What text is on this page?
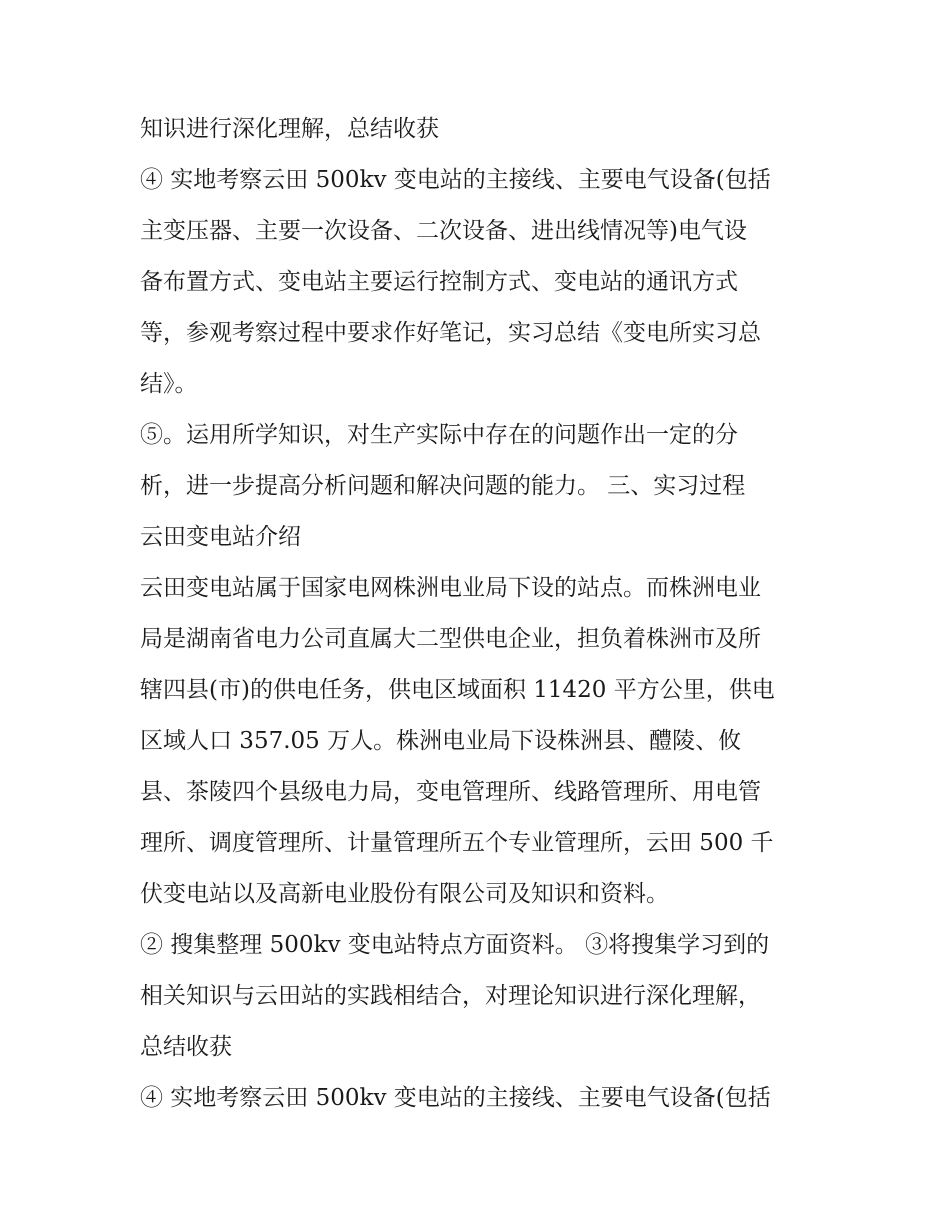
知识进行深化理解，总结收获
④ 实地考察云田 500kv 变电站的主接线、主要电气设备(包括
主变压器、主要一次设备、二次设备、进出线情况等)电气设
备布置方式、变电站主要运行控制方式、变电站的通讯方式
等，参观考察过程中要求作好笔记，实习总结《变电所实习总
结》。
⑤。运用所学知识，对生产实际中存在的问题作出一定的分
析，进一步提高分析问题和解决问题的能力。 三、实习过程
云田变电站介绍
云田变电站属于国家电网株洲电业局下设的站点。而株洲电业
局是湖南省电力公司直属大二型供电企业，担负着株洲市及所
辖四县(市)的供电任务，供电区域面积 11420 平方公里，供电
区域人口 357.05 万人。株洲电业局下设株洲县、醴陵、攸
县、茶陵四个县级电力局，变电管理所、线路管理所、用电管
理所、调度管理所、计量管理所五个专业管理所，云田 500 千
伏变电站以及高新电业股份有限公司及知识和资料。
② 搜集整理 500kv 变电站特点方面资料。 ③将搜集学习到的
相关知识与云田站的实践相结合，对理论知识进行深化理解，
总结收获
④ 实地考察云田 500kv 变电站的主接线、主要电气设备(包括
